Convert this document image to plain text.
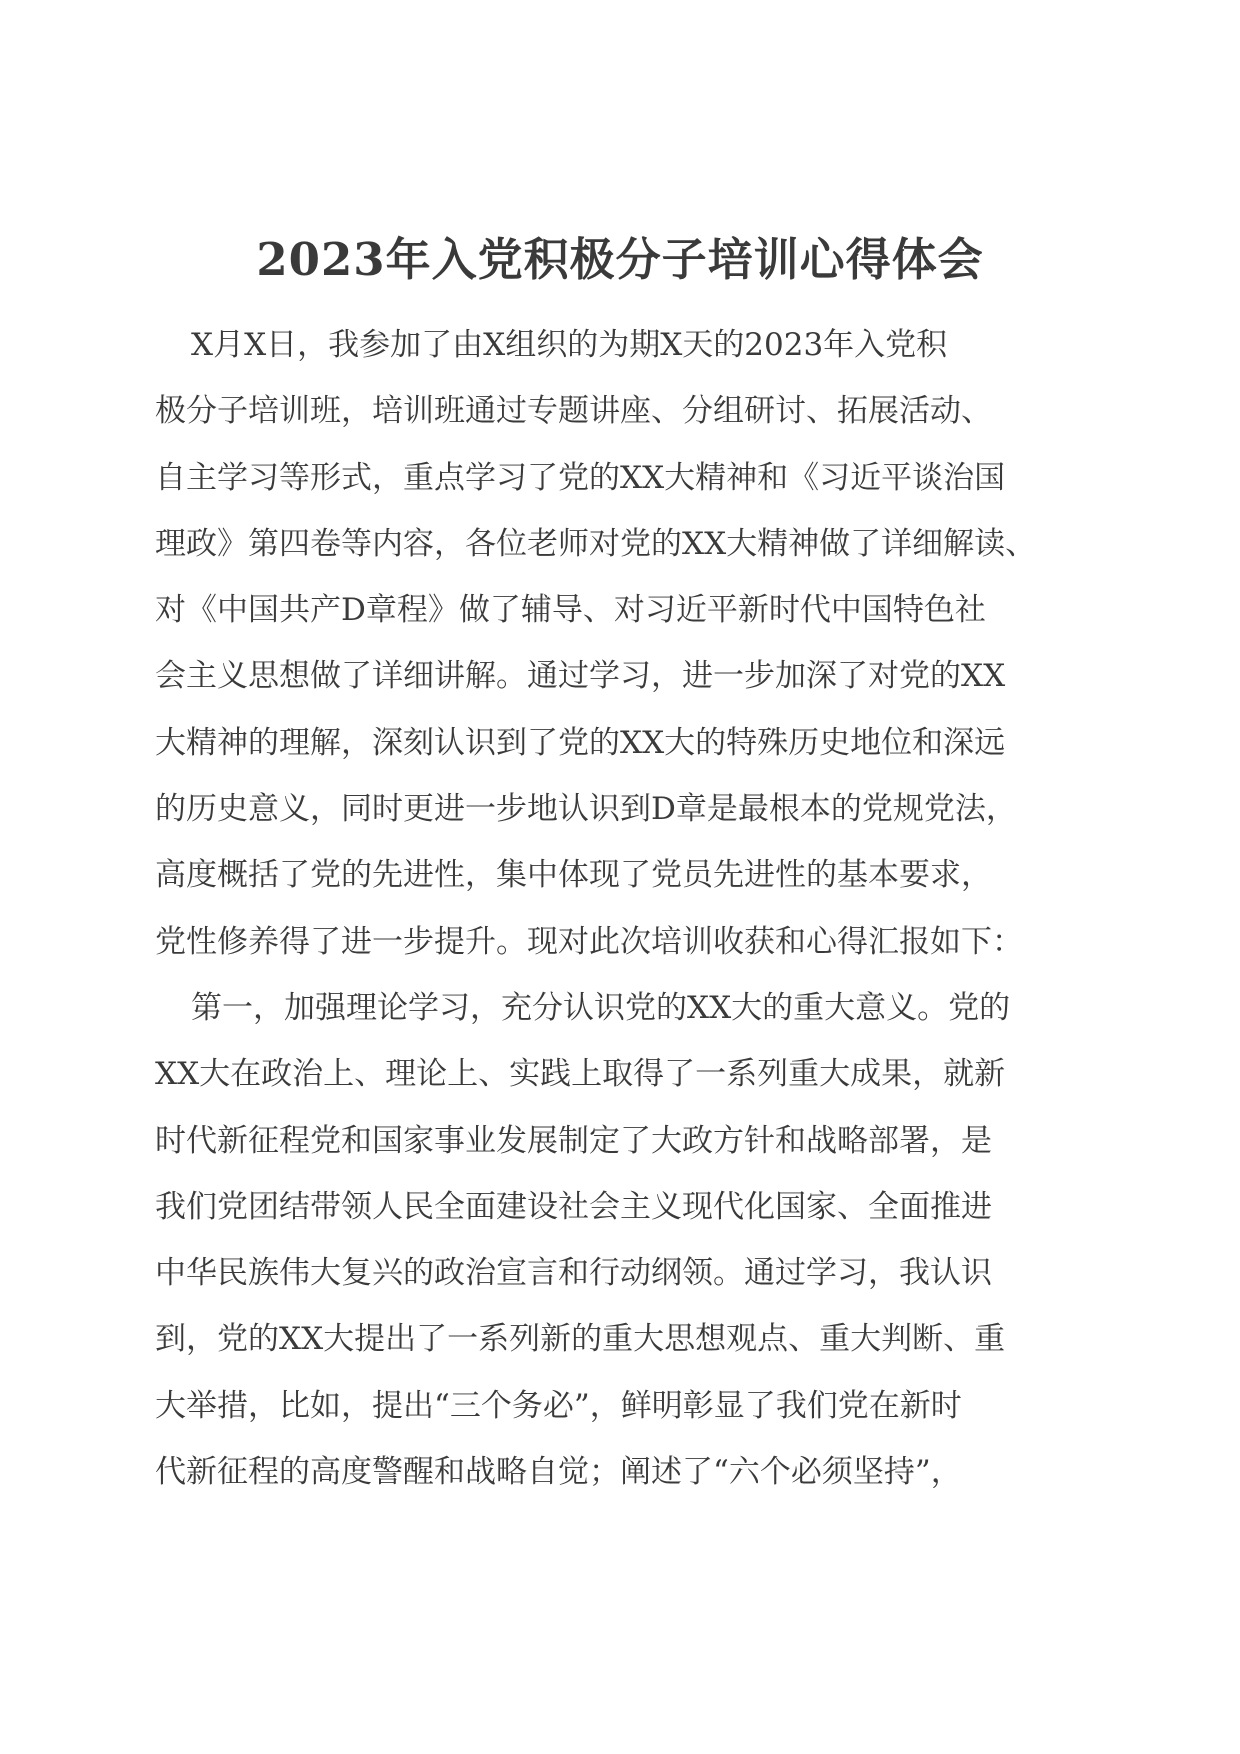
2023年入党积极分子培训心得体会
X月X日，我参加了由X组织的为期X天的2023年入党积
极分子培训班，培训班通过专题讲座、分组研讨、拓展活动、
自主学习等形式，重点学习了党的XX大精神和《习近平谈治国
理政》第四卷等内容，各位老师对党的XX大精神做了详细解读、
对《中国共产D章程》做了辅导、对习近平新时代中国特色社
会主义思想做了详细讲解。通过学习，进一步加深了对党的XX
大精神的理解，深刻认识到了党的XX大的特殊历史地位和深远
的历史意义，同时更进一步地认识到D章是最根本的党规党法，
高度概括了党的先进性，集中体现了党员先进性的基本要求，
党性修养得了进一步提升。现对此次培训收获和心得汇报如下：
第一，加强理论学习，充分认识党的XX大的重大意义。党的
XX大在政治上、理论上、实践上取得了一系列重大成果，就新
时代新征程党和国家事业发展制定了大政方针和战略部署，是
我们党团结带领人民全面建设社会主义现代化国家、全面推进
中华民族伟大复兴的政治宣言和行动纲领。通过学习，我认识
到，党的XX大提出了一系列新的重大思想观点、重大判断、重
大举措，比如，提出“三个务必”，鲜明彰显了我们党在新时
代新征程的高度警醒和战略自觉；阐述了“六个必须坚持”，
